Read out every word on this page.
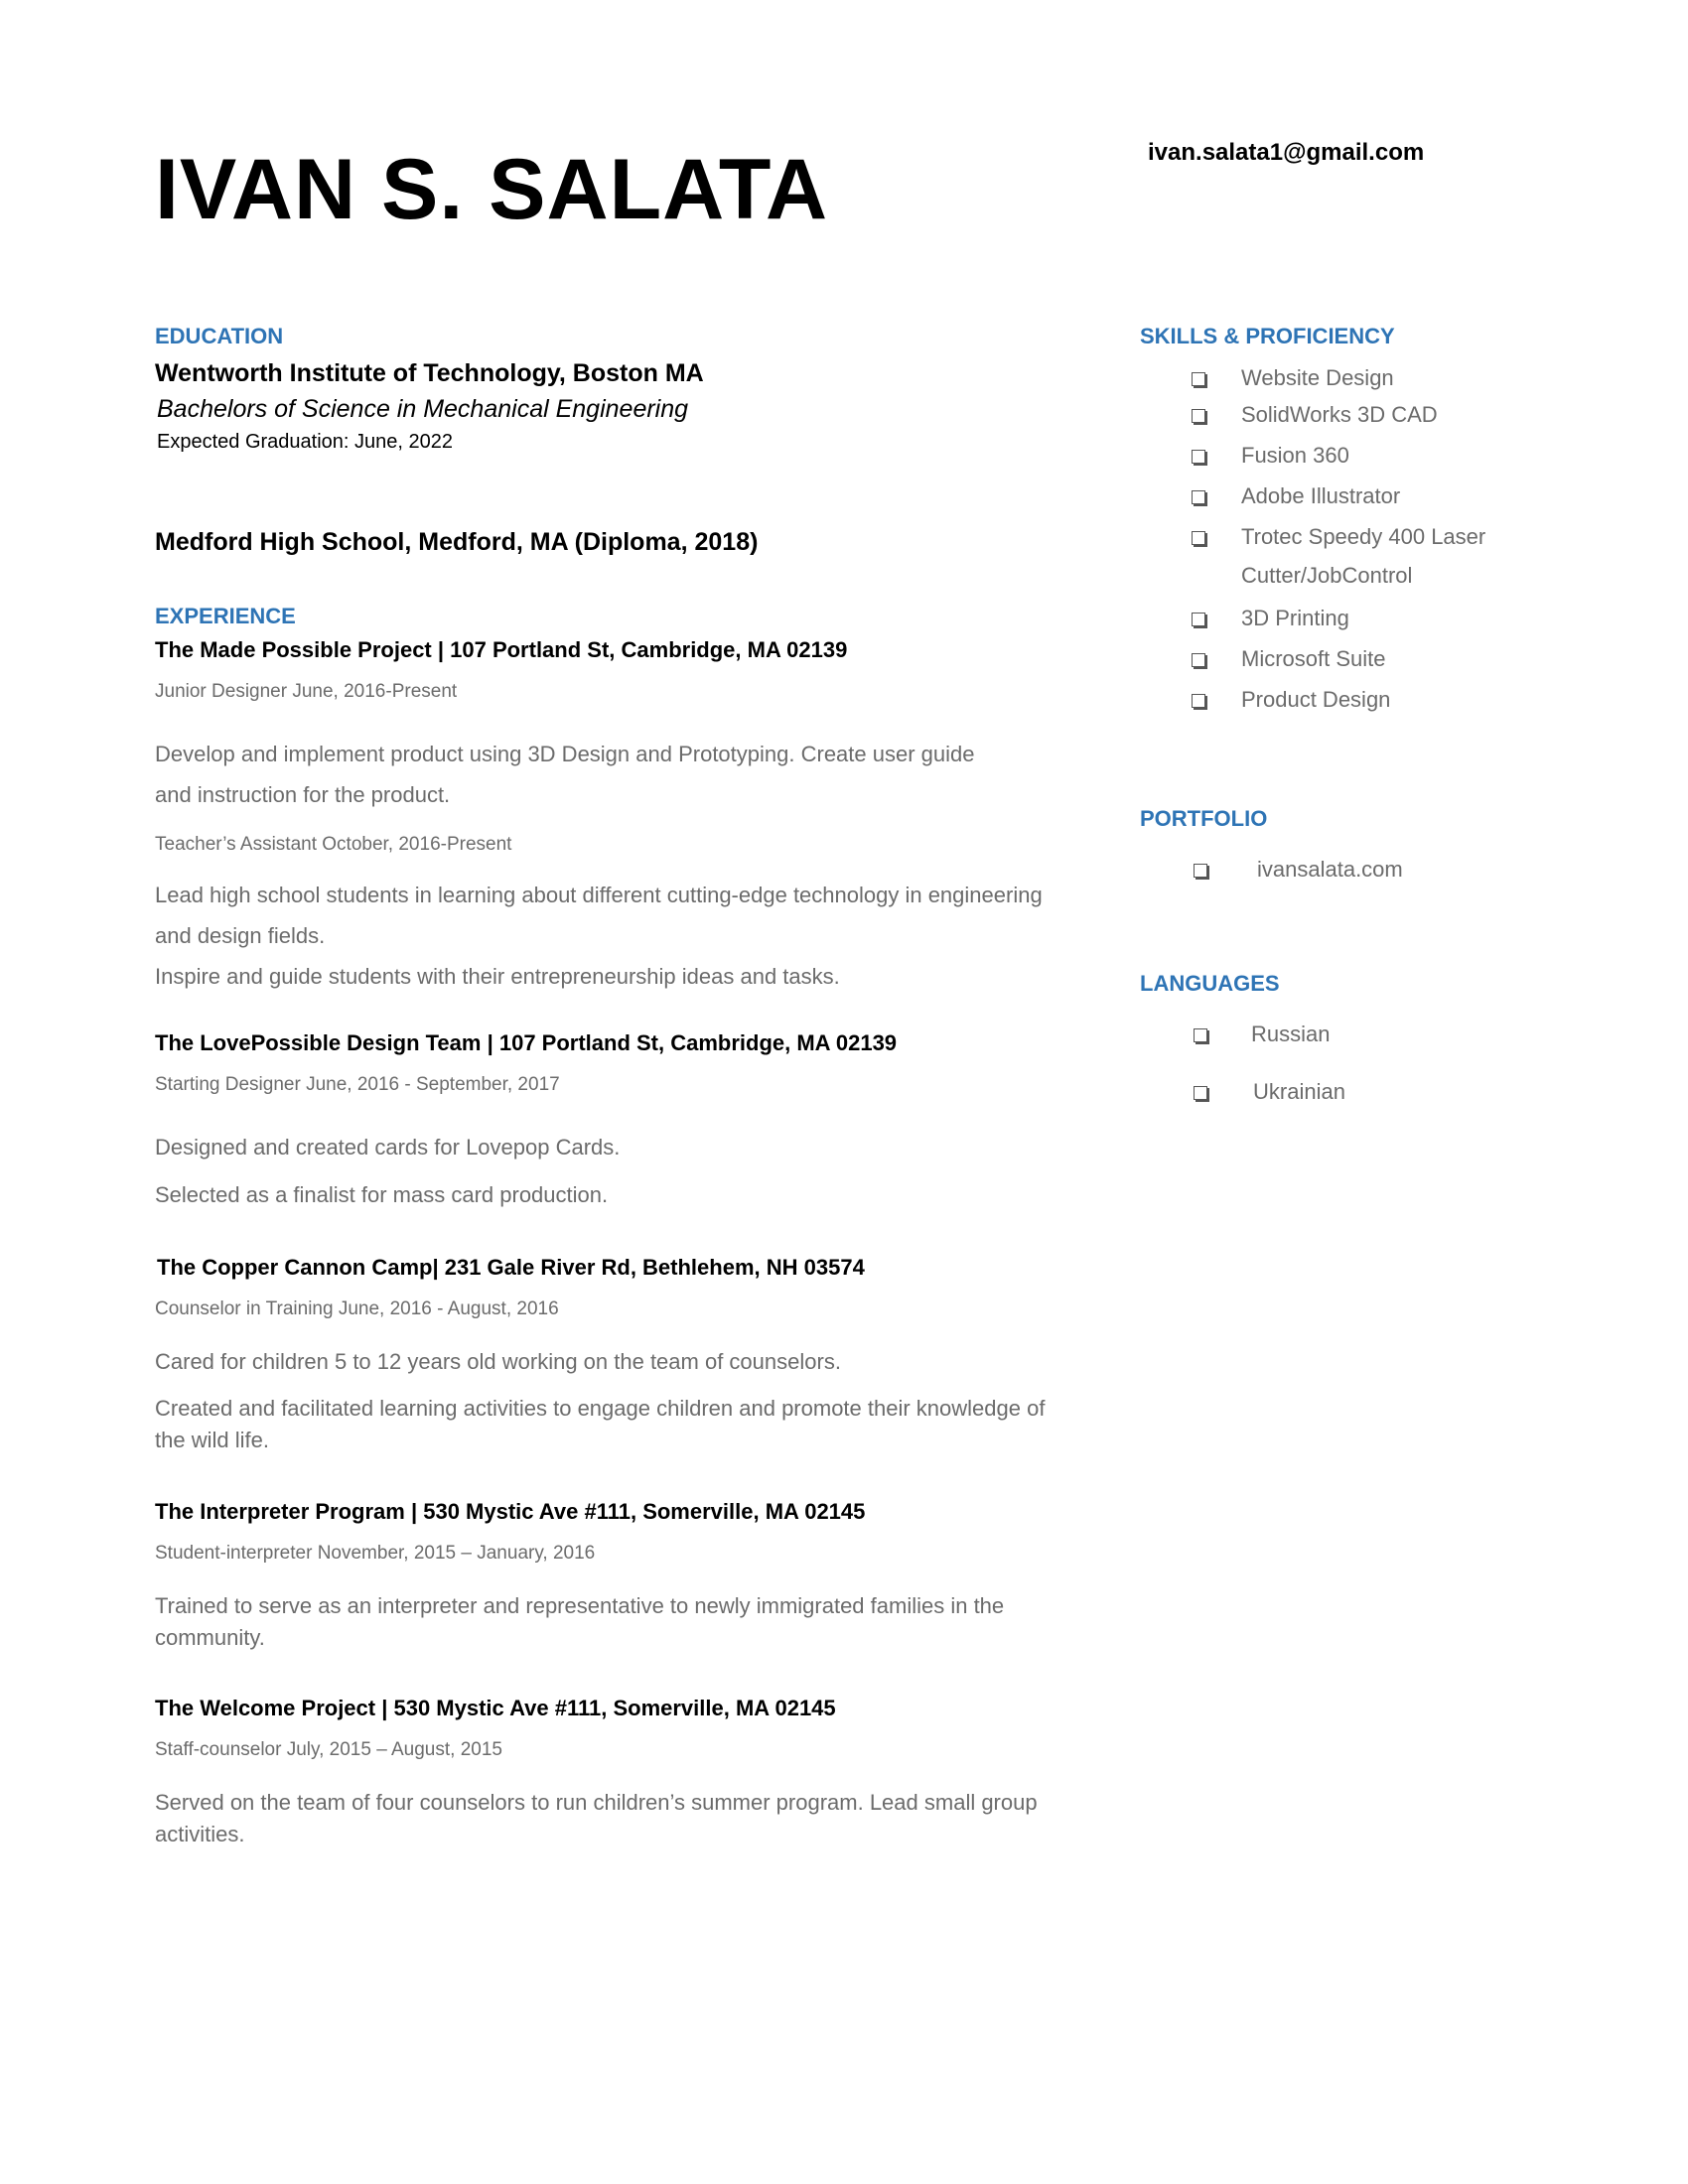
IVAN S. SALATA	ivan.salata1@gmail.com
EDUCATION
Wentworth Institute of Technology, Boston MA
Bachelors of Science in Mechanical Engineering
Expected Graduation: June, 2022
Medford High School, Medford, MA (Diploma, 2018)
EXPERIENCE
The Made Possible Project | 107 Portland St, Cambridge, MA 02139
Junior Designer June, 2016-Present
Develop and implement product using 3D Design and Prototyping. Create user guide
and instruction for the product.
Teacher’s Assistant October, 2016-Present
Lead high school students in learning about different cutting-edge technology in engineering
and design fields.
Inspire and guide students with their entrepreneurship ideas and tasks.
The LovePossible Design Team | 107 Portland St, Cambridge, MA 02139
Starting Designer June, 2016 - September, 2017
Designed and created cards for Lovepop Cards.
Selected as a finalist for mass card production.
The Copper Cannon Camp| 231 Gale River Rd, Bethlehem, NH 03574
Counselor in Training June, 2016 - August, 2016
Cared for children 5 to 12 years old working on the team of counselors.
Created and facilitated learning activities to engage children and promote their knowledge of
the wild life.
The Interpreter Program | 530 Mystic Ave #111, Somerville, MA 02145
Student-interpreter November, 2015 – January, 2016
Trained to serve as an interpreter and representative to newly immigrated families in the
community.
The Welcome Project | 530 Mystic Ave #111, Somerville, MA 02145
Staff-counselor July, 2015 – August, 2015
Served on the team of four counselors to run children’s summer program. Lead small group
activities.
SKILLS & PROFICIENCY
Website Design
SolidWorks 3D CAD
Fusion 360
Adobe Illustrator
Trotec Speedy 400 Laser
Cutter/JobControl
3D Printing
Microsoft Suite
Product Design
PORTFOLIO
ivansalata.com
LANGUAGES
Russian
Ukrainian
